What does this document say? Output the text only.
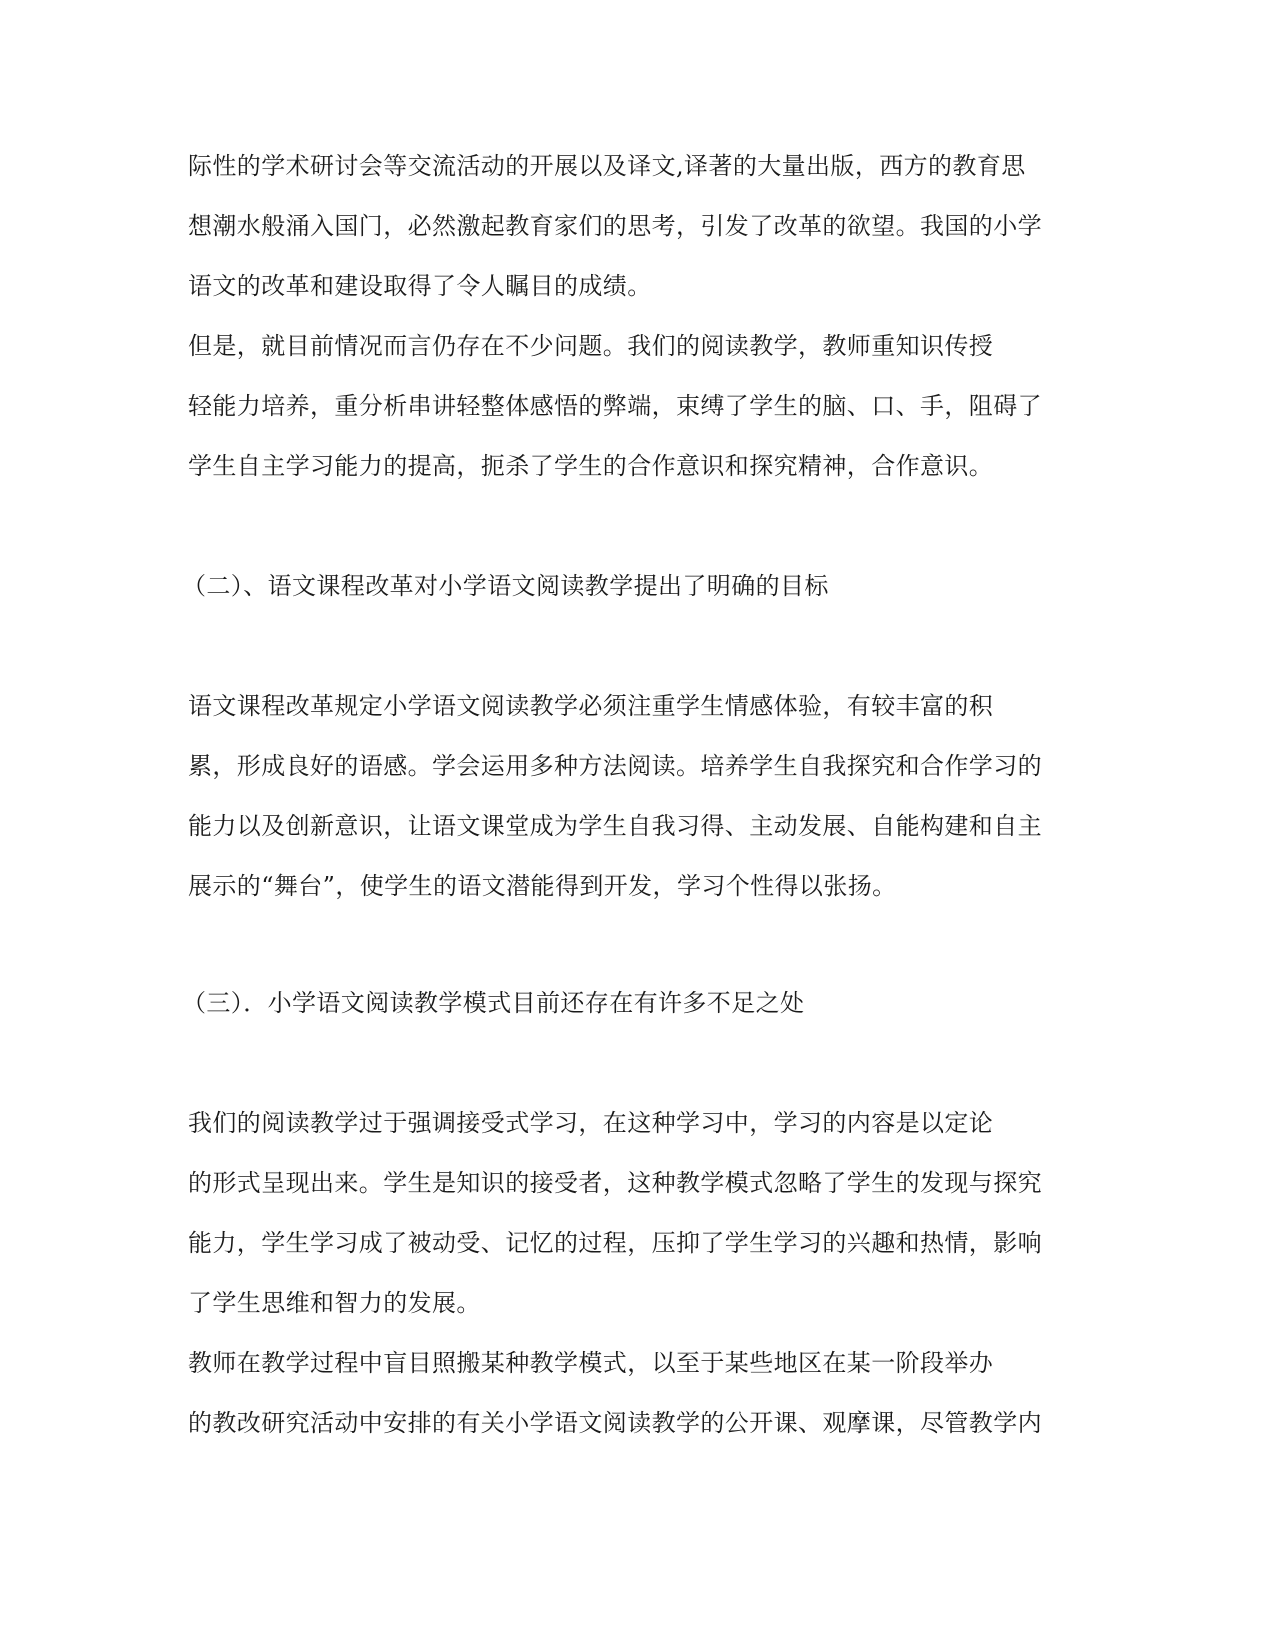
际性的学术研讨会等交流活动的开展以及译文,译著的大量出版，西方的教育思
想潮水般涌入国门，必然激起教育家们的思考，引发了改革的欲望。我国的小学
语文的改革和建设取得了令人瞩目的成绩。
但是，就目前情况而言仍存在不少问题。我们的阅读教学，教师重知识传授
轻能力培养，重分析串讲轻整体感悟的弊端，束缚了学生的脑、口、手，阻碍了
学生自主学习能力的提高，扼杀了学生的合作意识和探究精神，合作意识。
（二）、语文课程改革对小学语文阅读教学提出了明确的目标
语文课程改革规定小学语文阅读教学必须注重学生情感体验，有较丰富的积
累，形成良好的语感。学会运用多种方法阅读。培养学生自我探究和合作学习的
能力以及创新意识，让语文课堂成为学生自我习得、主动发展、自能构建和自主
展示的“舞台”，使学生的语文潜能得到开发，学习个性得以张扬。
（三）．小学语文阅读教学模式目前还存在有许多不足之处
我们的阅读教学过于强调接受式学习，在这种学习中，学习的内容是以定论
的形式呈现出来。学生是知识的接受者，这种教学模式忽略了学生的发现与探究
能力，学生学习成了被动受、记忆的过程，压抑了学生学习的兴趣和热情，影响
了学生思维和智力的发展。
教师在教学过程中盲目照搬某种教学模式，以至于某些地区在某一阶段举办
的教改研究活动中安排的有关小学语文阅读教学的公开课、观摩课，尽管教学内
